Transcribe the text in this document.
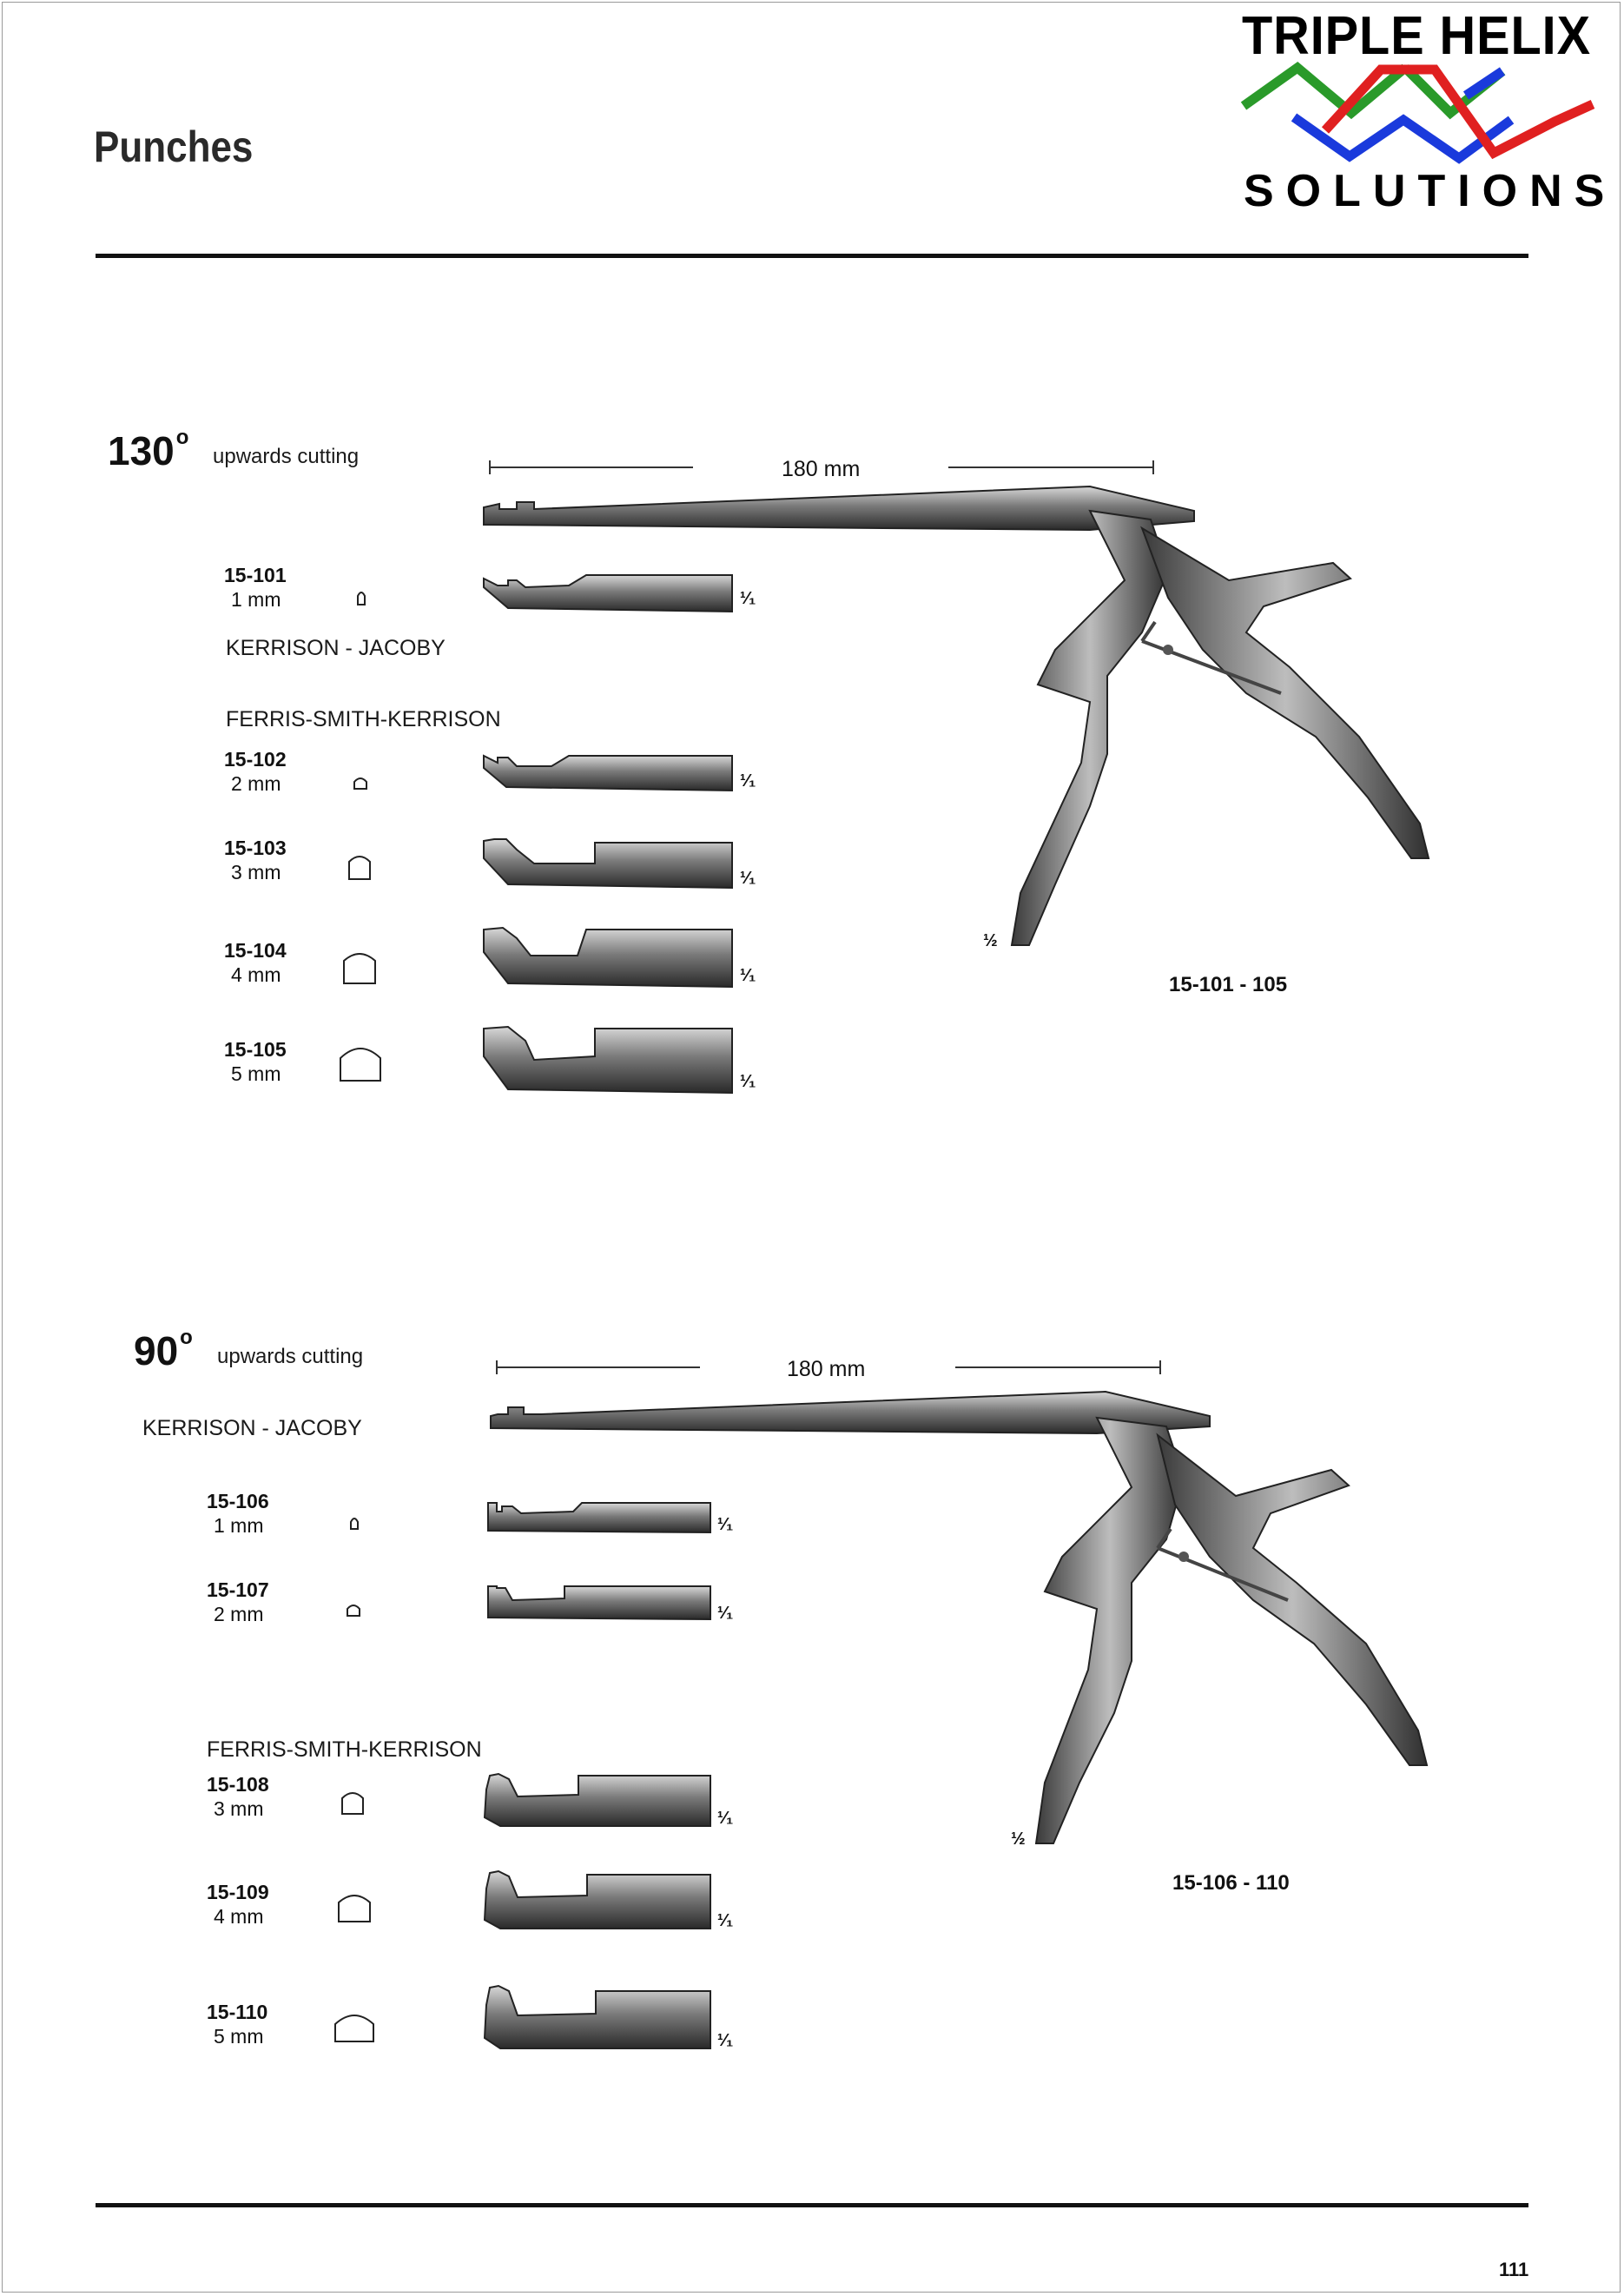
Punches
TRIPLE HELIX
SOLUTIONS
130$^o$
upwards cutting
180 mm
½
15-101 - 105
15-101
1 mm	¹⁄₁
KERRISON - JACOBY
FERRIS-SMITH-KERRISON
15-102
2 mm	¹⁄₁
15-103
3 mm	¹⁄₁
15-104
4 mm	¹⁄₁
15-105
5 mm	¹⁄₁
90$^o$
upwards cutting
180 mm
KERRISON - JACOBY
½
15-106 - 110
15-106
1 mm	¹⁄₁
15-107
2 mm	¹⁄₁
FERRIS-SMITH-KERRISON
15-108
3 mm	¹⁄₁
15-109
4 mm	¹⁄₁
15-110
5 mm	¹⁄₁
111
